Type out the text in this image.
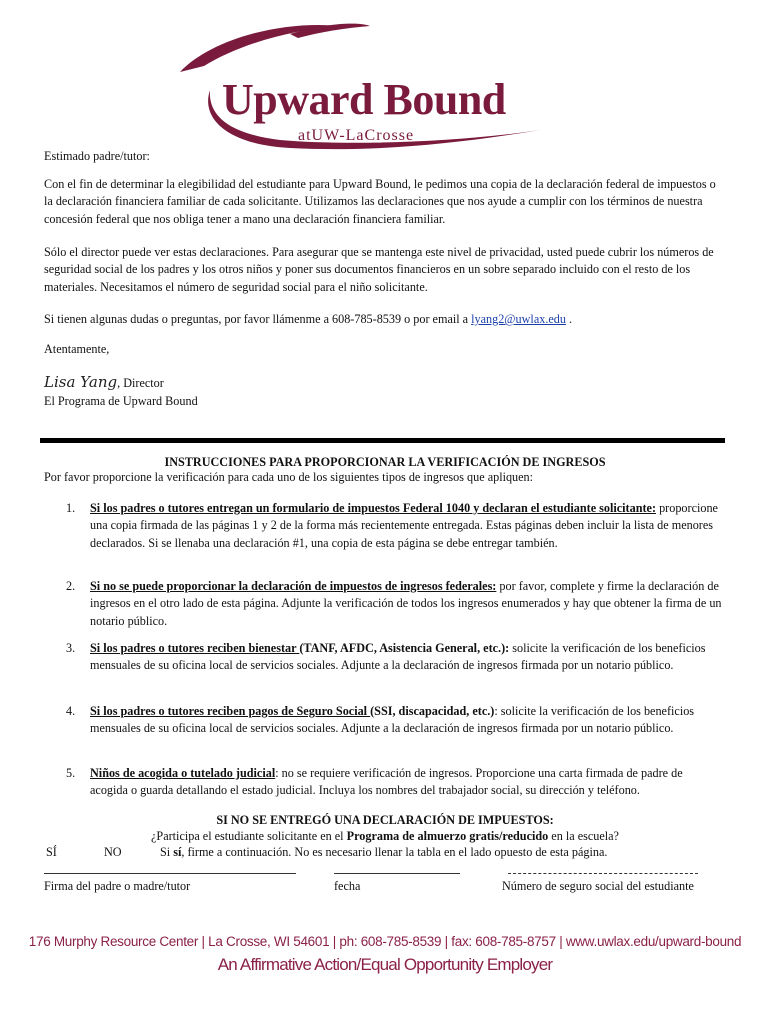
Upward Bound
atUW-LaCrosse

Estimado padre/tutor:

Con el fin de determinar la elegibilidad del estudiante para Upward Bound, le pedimos una copia de la declaración federal de impuestos o la declaración financiera familiar de cada solicitante. Utilizamos las declaraciones que nos ayude a cumplir con los términos de nuestra concesión federal que nos obliga tener a mano una declaración financiera familiar.

Sólo el director puede ver estas declaraciones. Para asegurar que se mantenga este nivel de privacidad, usted puede cubrir los números de seguridad social de los padres y los otros niños y poner sus documentos financieros en un sobre separado incluido con el resto de los materiales. Necesitamos el número de seguridad social para el niño solicitante.

Si tienen algunas dudas o preguntas, por favor llámenme a 608-785-8539 o por email a lyang2@uwlax.edu .

Atentamente,

Lisa Yang, Director

El Programa de Upward Bound

INSTRUCCIONES PARA PROPORCIONAR LA VERIFICACIÓN DE INGRESOS

Por favor proporcione la verificación para cada uno de los siguientes tipos de ingresos que apliquen:

1. Si los padres o tutores entregan un formulario de impuestos Federal 1040 y declaran el estudiante solicitante: proporcione una copia firmada de las páginas 1 y 2 de la forma más recientemente entregada. Estas páginas deben incluir la lista de menores declarados. Si se llenaba una declaración #1, una copia de esta página se debe entregar también.
2. Si no se puede proporcionar la declaración de impuestos de ingresos federales: por favor, complete y firme la declaración de ingresos en el otro lado de esta página. Adjunte la verificación de todos los ingresos enumerados y hay que obtener la firma de un notario público.
3. Si los padres o tutores reciben bienestar (TANF, AFDC, Asistencia General, etc.): solicite la verificación de los beneficios mensuales de su oficina local de servicios sociales. Adjunte a la declaración de ingresos firmada por un notario público.
4. Si los padres o tutores reciben pagos de Seguro Social (SSI, discapacidad, etc.): solicite la verificación de los beneficios mensuales de su oficina local de servicios sociales. Adjunte a la declaración de ingresos firmada por un notario público.
5. Niños de acogida o tutelado judicial: no se requiere verificación de ingresos. Proporcione una carta firmada de padre de acogida o guarda detallando el estado judicial. Incluya los nombres del trabajador social, su dirección y teléfono.
SI NO SE ENTREGÓ UNA DECLARACIÓN DE IMPUESTOS:
¿Participa el estudiante solicitante en el Programa de almuerzo gratis/reducido en la escuela?
SÍ	NO	Si sí, firme a continuación. No es necesario llenar la tabla en el lado opuesto de esta página.
Firma del padre o madre/tutor	fecha	Número de seguro social del estudiante
176 Murphy Resource Center | La Crosse, WI 54601 | ph: 608-785-8539 | fax: 608-785-8757 | www.uwlax.edu/upward-bound
An Affirmative Action/Equal Opportunity Employer
